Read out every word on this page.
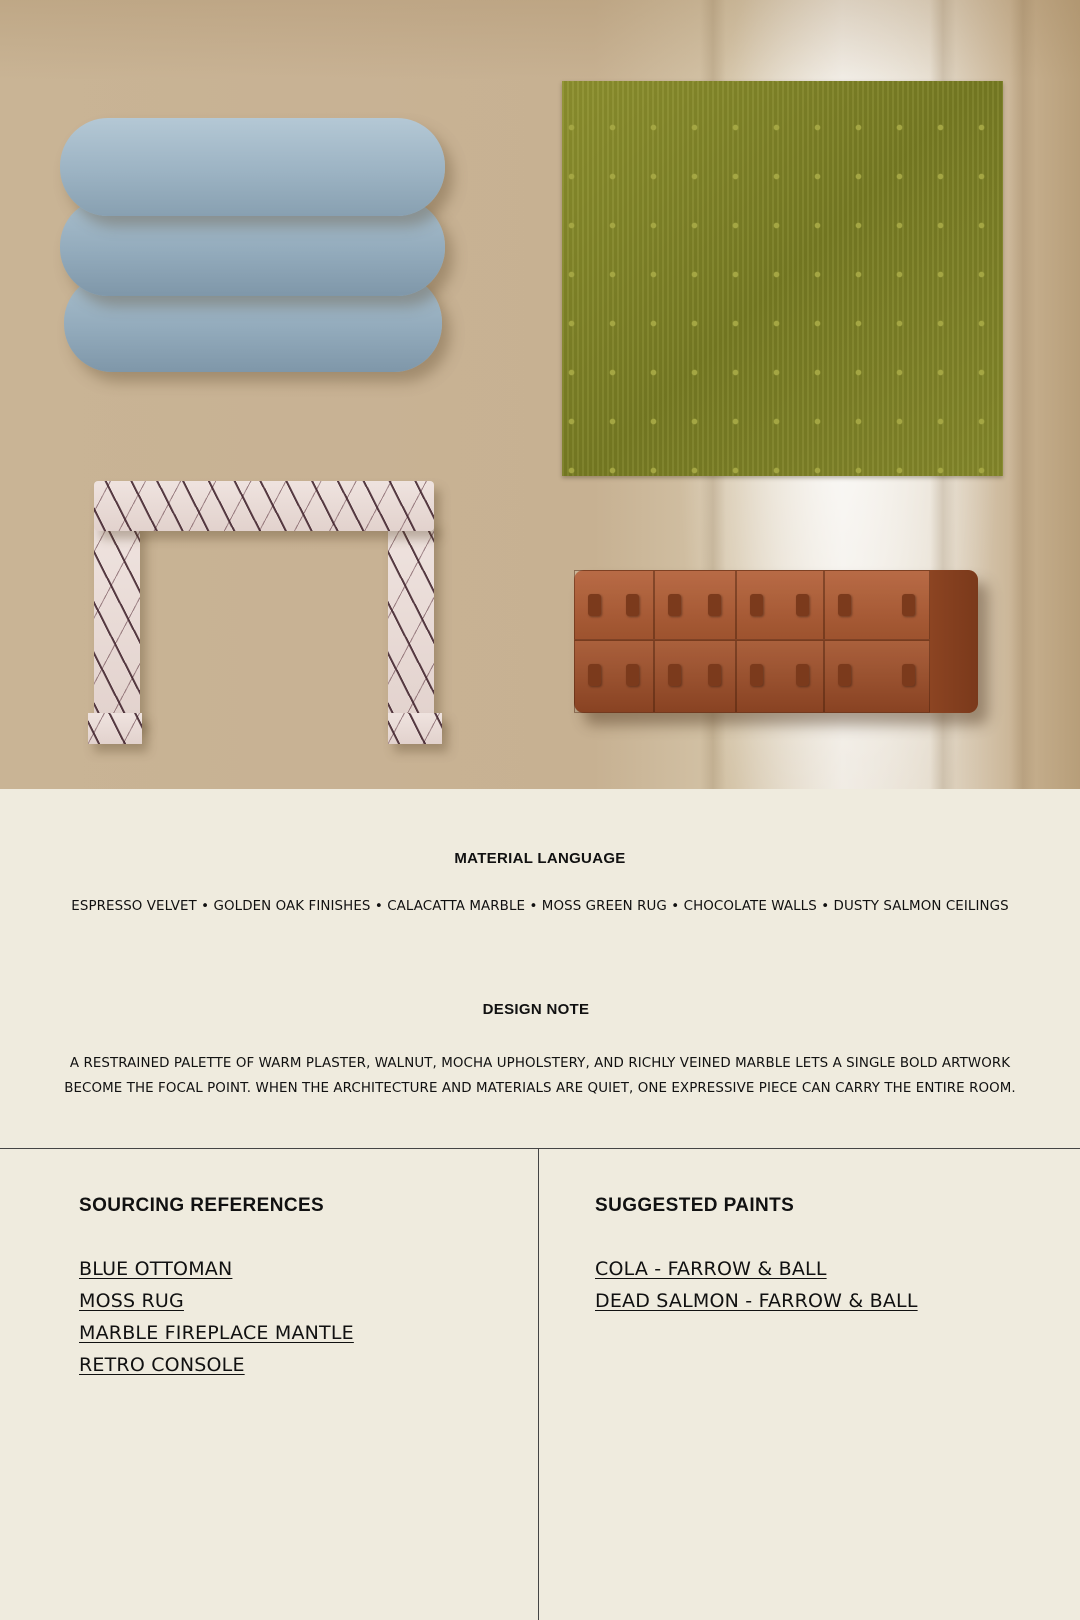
MATERIAL LANGUAGE
ESPRESSO VELVET • GOLDEN OAK FINISHES • CALACATTA MARBLE • MOSS GREEN RUG • CHOCOLATE WALLS • DUSTY SALMON CEILINGS
DESIGN NOTE
A RESTRAINED PALETTE OF WARM PLASTER, WALNUT, MOCHA UPHOLSTERY, AND RICHLY VEINED MARBLE LETS A SINGLE BOLD ARTWORK
BECOME THE FOCAL POINT. WHEN THE ARCHITECTURE AND MATERIALS ARE QUIET, ONE EXPRESSIVE PIECE CAN CARRY THE ENTIRE ROOM.
SOURCING REFERENCES
BLUE OTTOMAN
MOSS RUG
MARBLE FIREPLACE MANTLE
RETRO CONSOLE
SUGGESTED PAINTS
COLA - FARROW & BALL
DEAD SALMON - FARROW & BALL
